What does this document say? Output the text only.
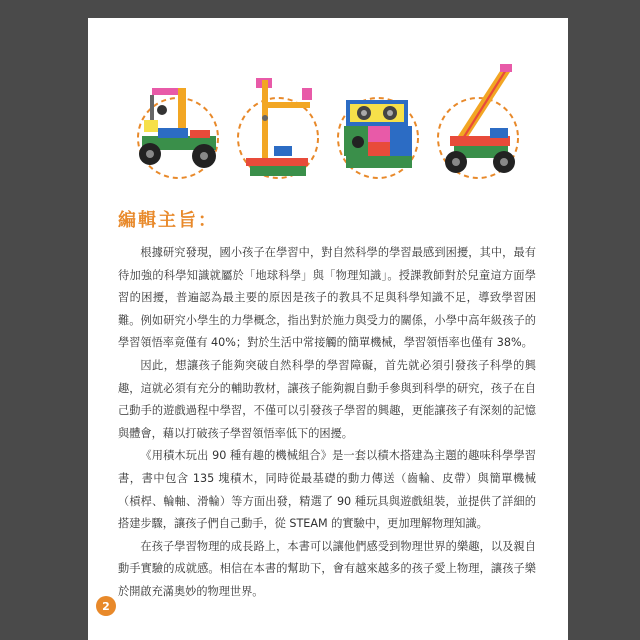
編輯主旨：

根據研究發現，國小孩子在學習中，對自然科學的學習最感到困擾，其中，最有待加強的科學知識就屬於「地球科學」與「物理知識」。授課教師對於兒童這方面學習的困擾，普遍認為最主要的原因是孩子的教具不足與科學知識不足，導致學習困難。例如研究小學生的力學概念，指出對於施力與受力的關係，小學中高年級孩子的學習領悟率竟僅有 40%；對於生活中常接觸的簡單機械，學習領悟率也僅有 38%。

因此，想讓孩子能夠突破自然科學的學習障礙，首先就必須引發孩子科學的興趣，這就必須有充分的輔助教材，讓孩子能夠親自動手參與到科學的研究，孩子在自己動手的遊戲過程中學習，不僅可以引發孩子學習的興趣，更能讓孩子有深刻的記憶與體會，藉以打破孩子學習領悟率低下的困擾。

《用積木玩出 90 種有趣的機械組合》是一套以積木搭建為主題的趣味科學學習書，書中包含 135 塊積木，同時從最基礎的動力傳送（齒輪、皮帶）與簡單機械（槓桿、輪軸、滑輪）等方面出發，精選了 90 種玩具與遊戲組裝，並提供了詳細的搭建步驟，讓孩子們自己動手，從 STEAM 的實驗中，更加理解物理知識。

在孩子學習物理的成長路上，本書可以讓他們感受到物理世界的樂趣，以及親自動手實驗的成就感。相信在本書的幫助下，會有越來越多的孩子愛上物理，讓孩子樂於開啟充滿奧妙的物理世界。

2
